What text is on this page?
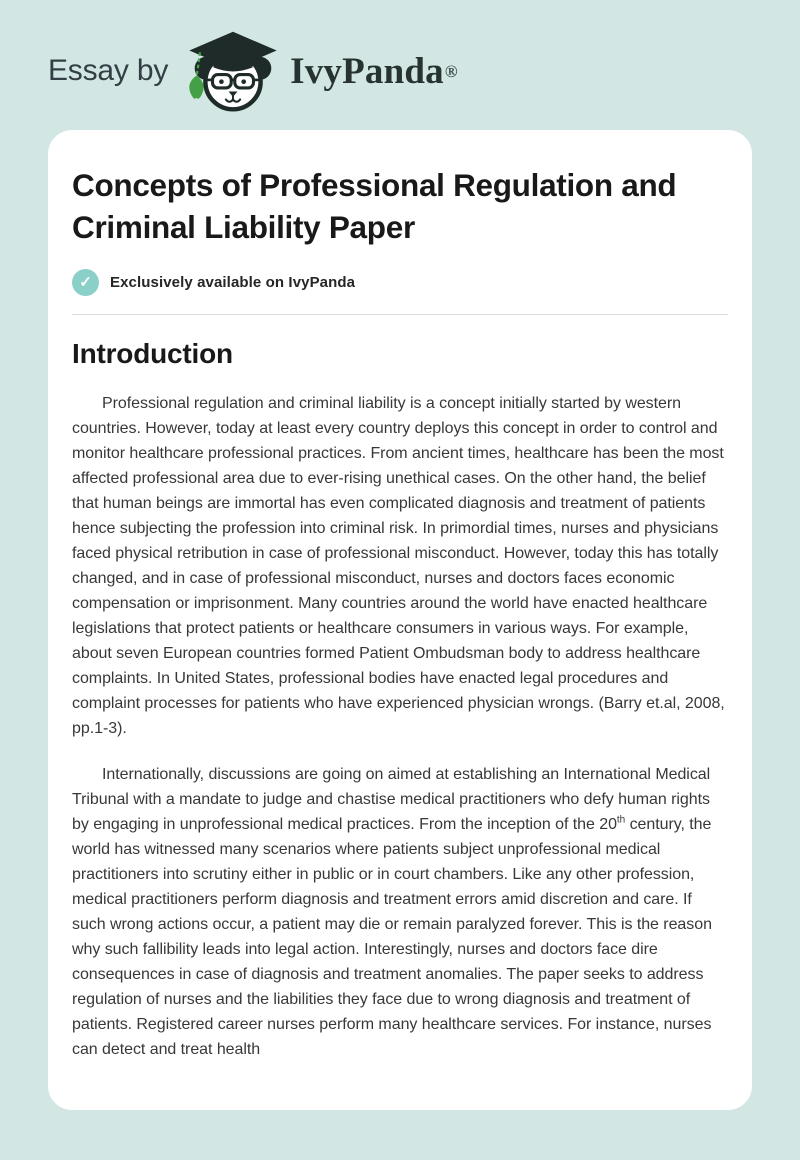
Essay by	IvyPanda®
Concepts of Professional Regulation and Criminal Liability Paper
✓	Exclusively available on IvyPanda
Introduction

Professional regulation and criminal liability is a concept initially started by western countries. However, today at least every country deploys this concept in order to control and monitor healthcare professional practices. From ancient times, healthcare has been the most affected professional area due to ever-rising unethical cases. On the other hand, the belief that human beings are immortal has even complicated diagnosis and treatment of patients hence subjecting the profession into criminal risk. In primordial times, nurses and physicians faced physical retribution in case of professional misconduct. However, today this has totally changed, and in case of professional misconduct, nurses and doctors faces economic compensation or imprisonment. Many countries around the world have enacted healthcare legislations that protect patients or healthcare consumers in various ways. For example, about seven European countries formed Patient Ombudsman body to address healthcare complaints. In United States, professional bodies have enacted legal procedures and complaint processes for patients who have experienced physician wrongs. (Barry et.al, 2008, pp.1-3).

Internationally, discussions are going on aimed at establishing an International Medical Tribunal with a mandate to judge and chastise medical practitioners who defy human rights by engaging in unprofessional medical practices. From the inception of the 20th century, the world has witnessed many scenarios where patients subject unprofessional medical practitioners into scrutiny either in public or in court chambers. Like any other profession, medical practitioners perform diagnosis and treatment errors amid discretion and care. If such wrong actions occur, a patient may die or remain paralyzed forever. This is the reason why such fallibility leads into legal action. Interestingly, nurses and doctors face dire consequences in case of diagnosis and treatment anomalies. The paper seeks to address regulation of nurses and the liabilities they face due to wrong diagnosis and treatment of patients. Registered career nurses perform many healthcare services. For instance, nurses can detect and treat health
